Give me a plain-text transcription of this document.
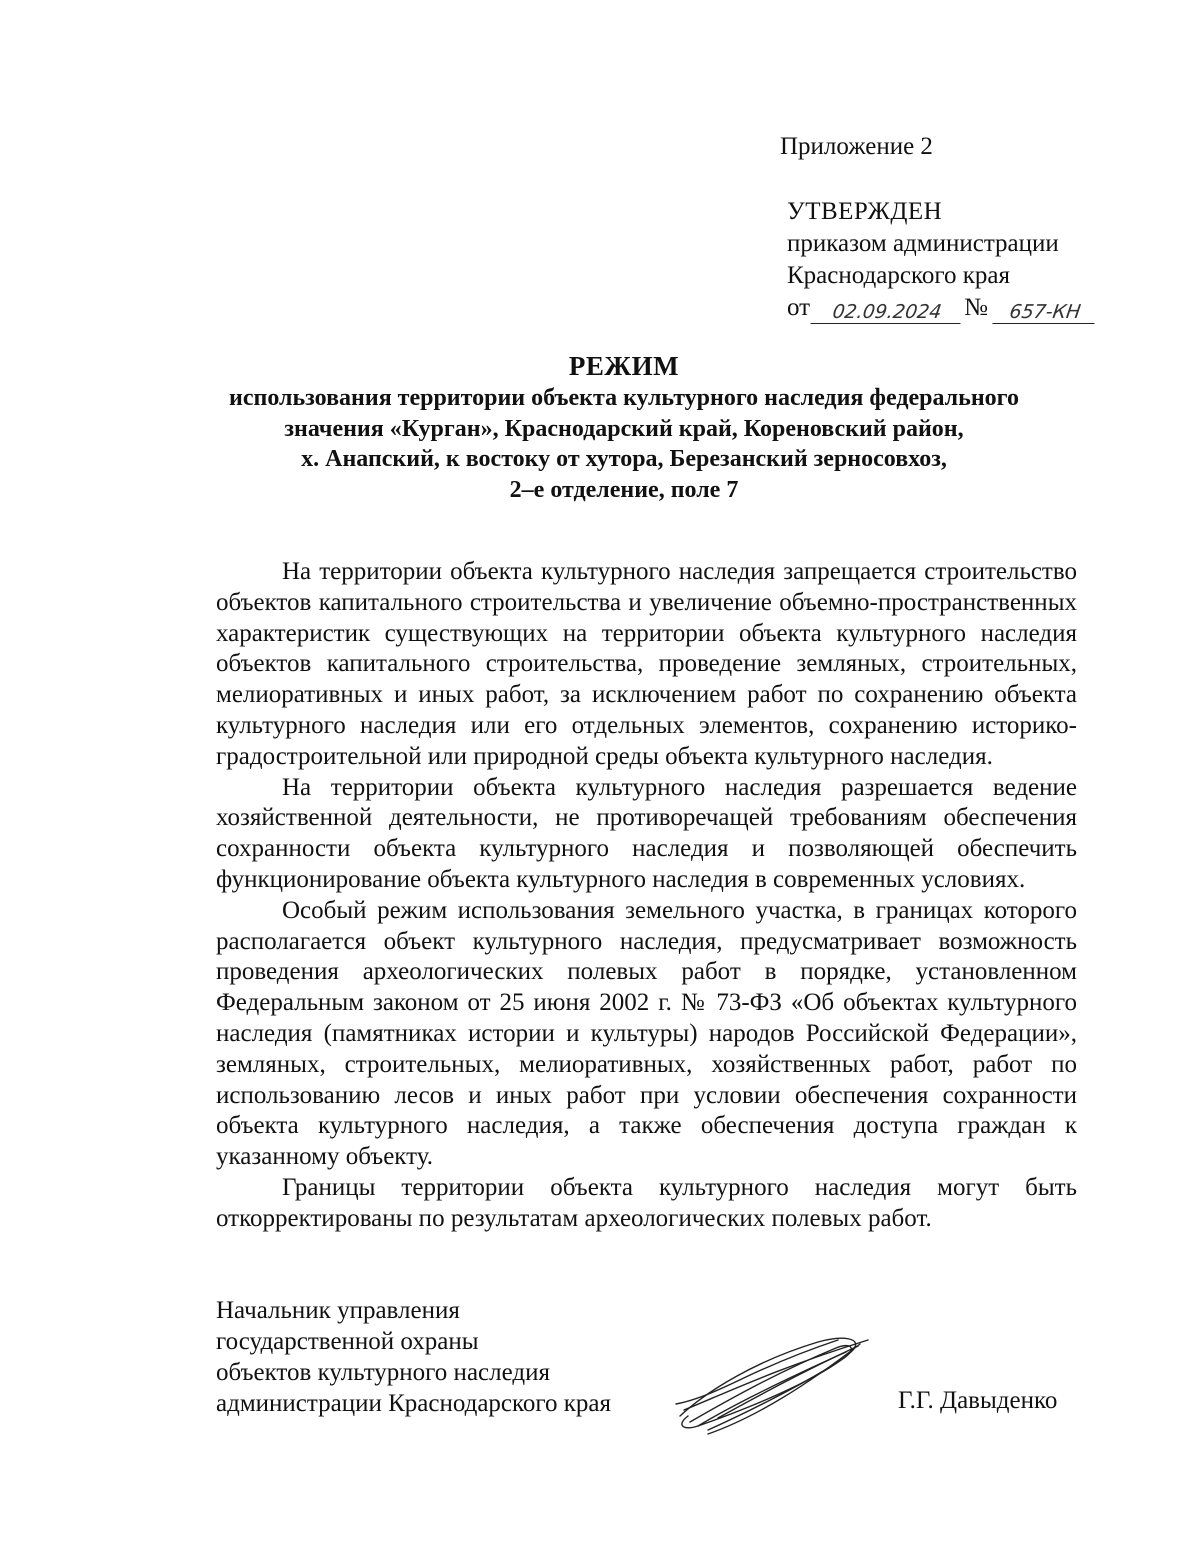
Приложение 2
УТВЕРЖДЕН
приказом администрации
Краснодарского края
от	02.09.2024 №	657-КН
РЕЖИМ
использования территории объекта культурного наследия федерального
значения «Курган», Краснодарский край, Кореновский район,
х. Анапский, к востоку от хутора, Березанский зерносовхоз,
2–е отделение, поле 7

На территории объекта культурного наследия запрещается строительство объектов капитального строительства и увеличение объемно-пространственных характеристик существующих на территории объекта культурного наследия объектов капитального строительства, проведение земляных, строительных, мелиоративных и иных работ, за исключением работ по сохранению объекта культурного наследия или его отдельных элементов, сохранению историко-градостроительной или природной среды объекта культурного наследия.

На территории объекта культурного наследия разрешается ведение хозяйственной деятельности, не противоречащей требованиям обеспечения сохранности объекта культурного наследия и позволяющей обеспечить функционирование объекта культурного наследия в современных условиях.

Особый режим использования земельного участка, в границах которого располагается объект культурного наследия, предусматривает возможность проведения археологических полевых работ в порядке, установленном Федеральным законом от 25 июня 2002 г. № 73-ФЗ «Об объектах культурного наследия (памятниках истории и культуры) народов Российской Федерации», земляных, строительных, мелиоративных, хозяйственных работ, работ по использованию лесов и иных работ при условии обеспечения сохранности объекта культурного наследия, а также обеспечения доступа граждан к указанному объекту.

Границы территории объекта культурного наследия могут быть откорректированы по результатам археологических полевых работ.

Начальник управления
государственной охраны
объектов культурного наследия
администрации Краснодарского края	Г.Г. Давыденко
